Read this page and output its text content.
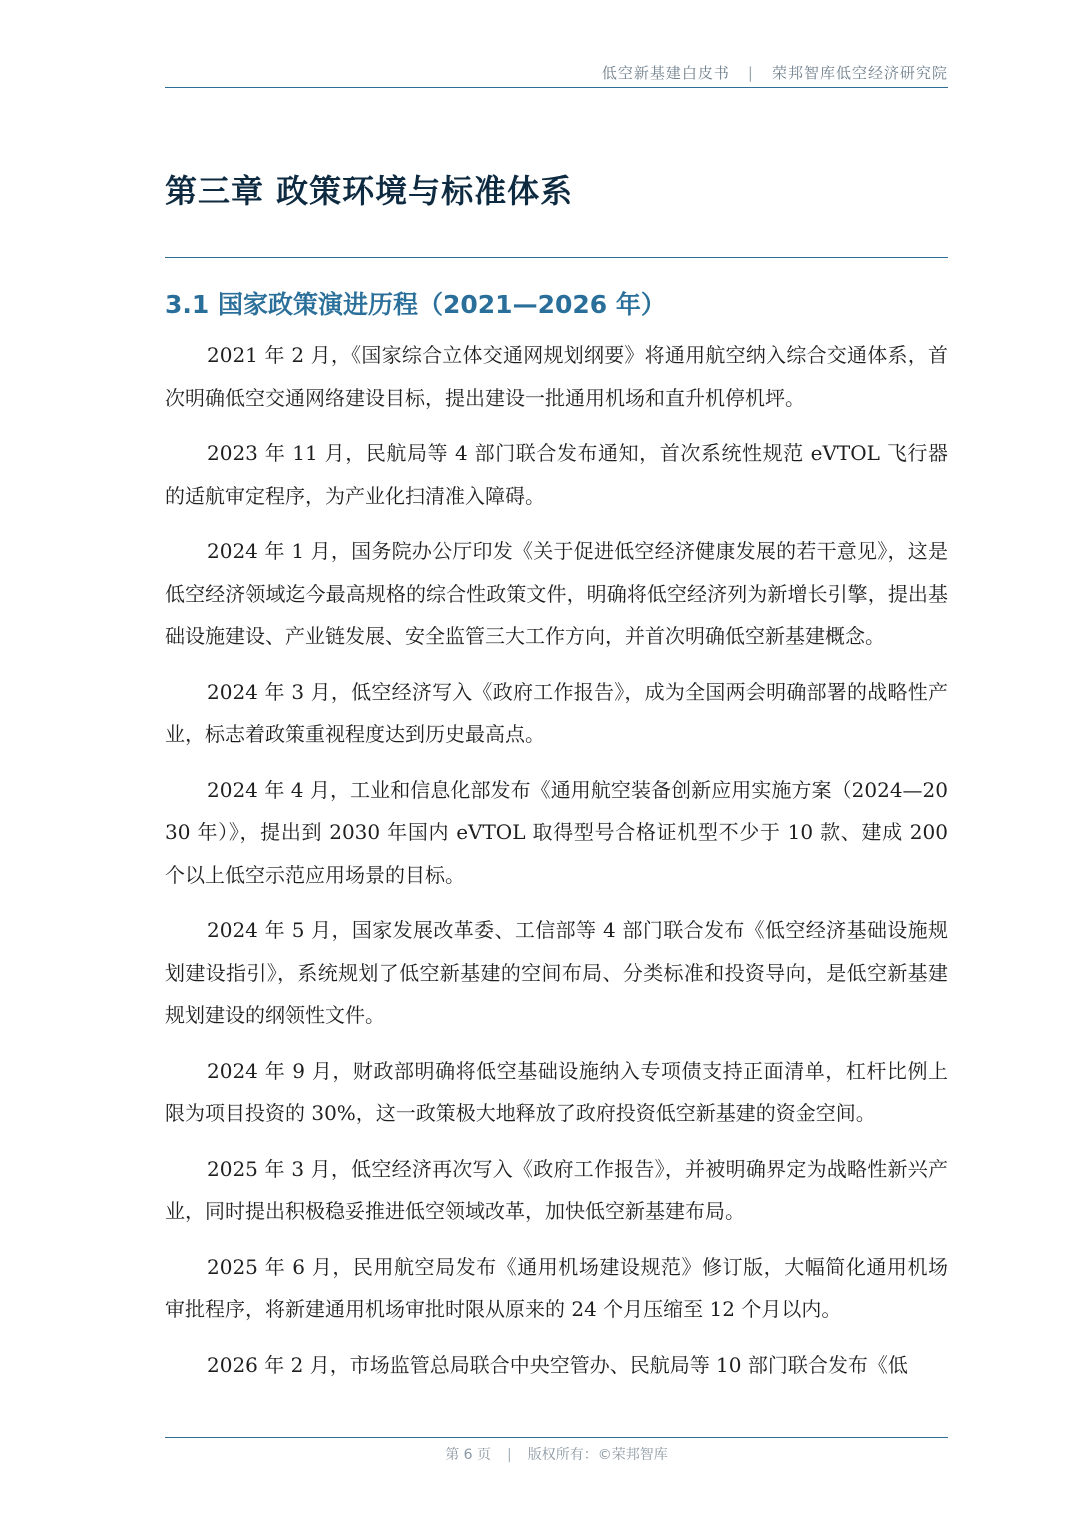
低空新基建白皮书 | 荣邦智库低空经济研究院
第三章 政策环境与标准体系
3.1 国家政策演进历程（2021—2026 年）

2021 年 2 月，《国家综合立体交通网规划纲要》将通用航空纳入综合交通体系，首次明确低空交通网络建设目标，提出建设一批通用机场和直升机停机坪。

2023 年 11 月，民航局等 4 部门联合发布通知，首次系统性规范 eVTOL 飞行器的适航审定程序，为产业化扫清准入障碍。

2024 年 1 月，国务院办公厅印发《关于促进低空经济健康发展的若干意见》，这是低空经济领域迄今最高规格的综合性政策文件，明确将低空经济列为新增长引擎，提出基础设施建设、产业链发展、安全监管三大工作方向，并首次明确低空新基建概念。

2024 年 3 月，低空经济写入《政府工作报告》，成为全国两会明确部署的战略性产业，标志着政策重视程度达到历史最高点。

2024 年 4 月，工业和信息化部发布《通用航空装备创新应用实施方案（2024—2030 年）》，提出到 2030 年国内 eVTOL 取得型号合格证机型不少于 10 款、建成 200 个以上低空示范应用场景的目标。

2024 年 5 月，国家发展改革委、工信部等 4 部门联合发布《低空经济基础设施规划建设指引》，系统规划了低空新基建的空间布局、分类标准和投资导向，是低空新基建规划建设的纲领性文件。

2024 年 9 月，财政部明确将低空基础设施纳入专项债支持正面清单，杠杆比例上限为项目投资的 30%，这一政策极大地释放了政府投资低空新基建的资金空间。

2025 年 3 月，低空经济再次写入《政府工作报告》，并被明确界定为战略性新兴产业，同时提出积极稳妥推进低空领域改革，加快低空新基建布局。

2025 年 6 月，民用航空局发布《通用机场建设规范》修订版，大幅简化通用机场审批程序，将新建通用机场审批时限从原来的 24 个月压缩至 12 个月以内。

2026 年 2 月，市场监管总局联合中央空管办、民航局等 10 部门联合发布《低

第 6 页 | 版权所有：©荣邦智库
